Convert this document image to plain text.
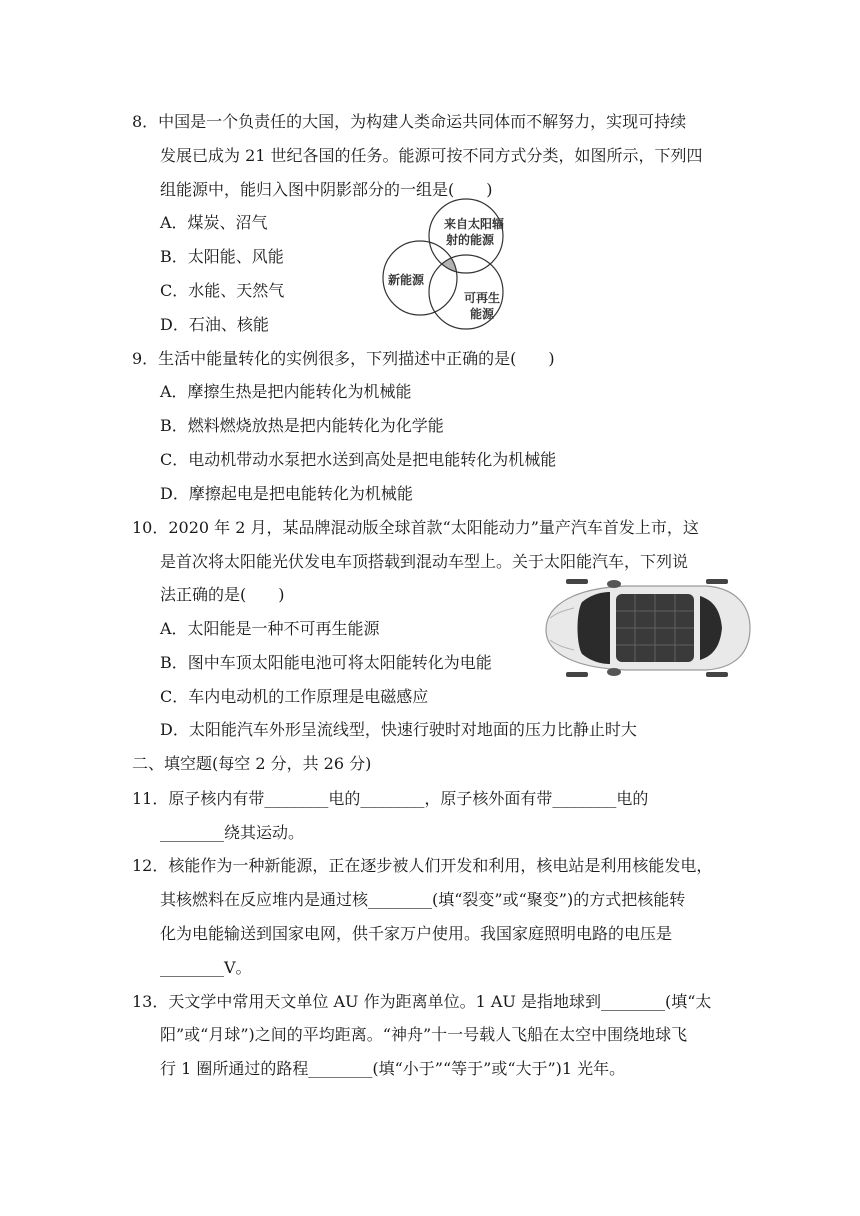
8．中国是一个负责任的大国，为构建人类命运共同体而不解努力，实现可持续
发展已成为 21 世纪各国的任务。能源可按不同方式分类，如图所示，下列四
组能源中，能归入图中阴影部分的一组是(　　)
A．煤炭、沼气
B．太阳能、风能
C．水能、天然气
D．石油、核能
来自太阳辐
射的能源
新能源
可再生
能源
9．生活中能量转化的实例很多，下列描述中正确的是(　　)
A．摩擦生热是把内能转化为机械能
B．燃料燃烧放热是把内能转化为化学能
C．电动机带动水泵把水送到高处是把电能转化为机械能
D．摩擦起电是把电能转化为机械能
10．2020 年 2 月，某品牌混动版全球首款“太阳能动力”量产汽车首发上市，这
是首次将太阳能光伏发电车顶搭载到混动车型上。关于太阳能汽车，下列说
法正确的是(　　)
A．太阳能是一种不可再生能源
B．图中车顶太阳能电池可将太阳能转化为电能
C．车内电动机的工作原理是电磁感应
D．太阳能汽车外形呈流线型，快速行驶时对地面的压力比静止时大
二、填空题(每空 2 分，共 26 分)
11．原子核内有带________电的________，原子核外面有带________电的
________绕其运动。
12．核能作为一种新能源，正在逐步被人们开发和利用，核电站是利用核能发电，
其核燃料在反应堆内是通过核________(填“裂变”或“聚变”)的方式把核能转
化为电能输送到国家电网，供千家万户使用。我国家庭照明电路的电压是
________V。
13．天文学中常用天文单位 AU 作为距离单位。1 AU 是指地球到________(填“太
阳”或“月球”)之间的平均距离。“神舟”十一号载人飞船在太空中围绕地球飞
行 1 圈所通过的路程________(填“小于”“等于”或“大于”)1 光年。
